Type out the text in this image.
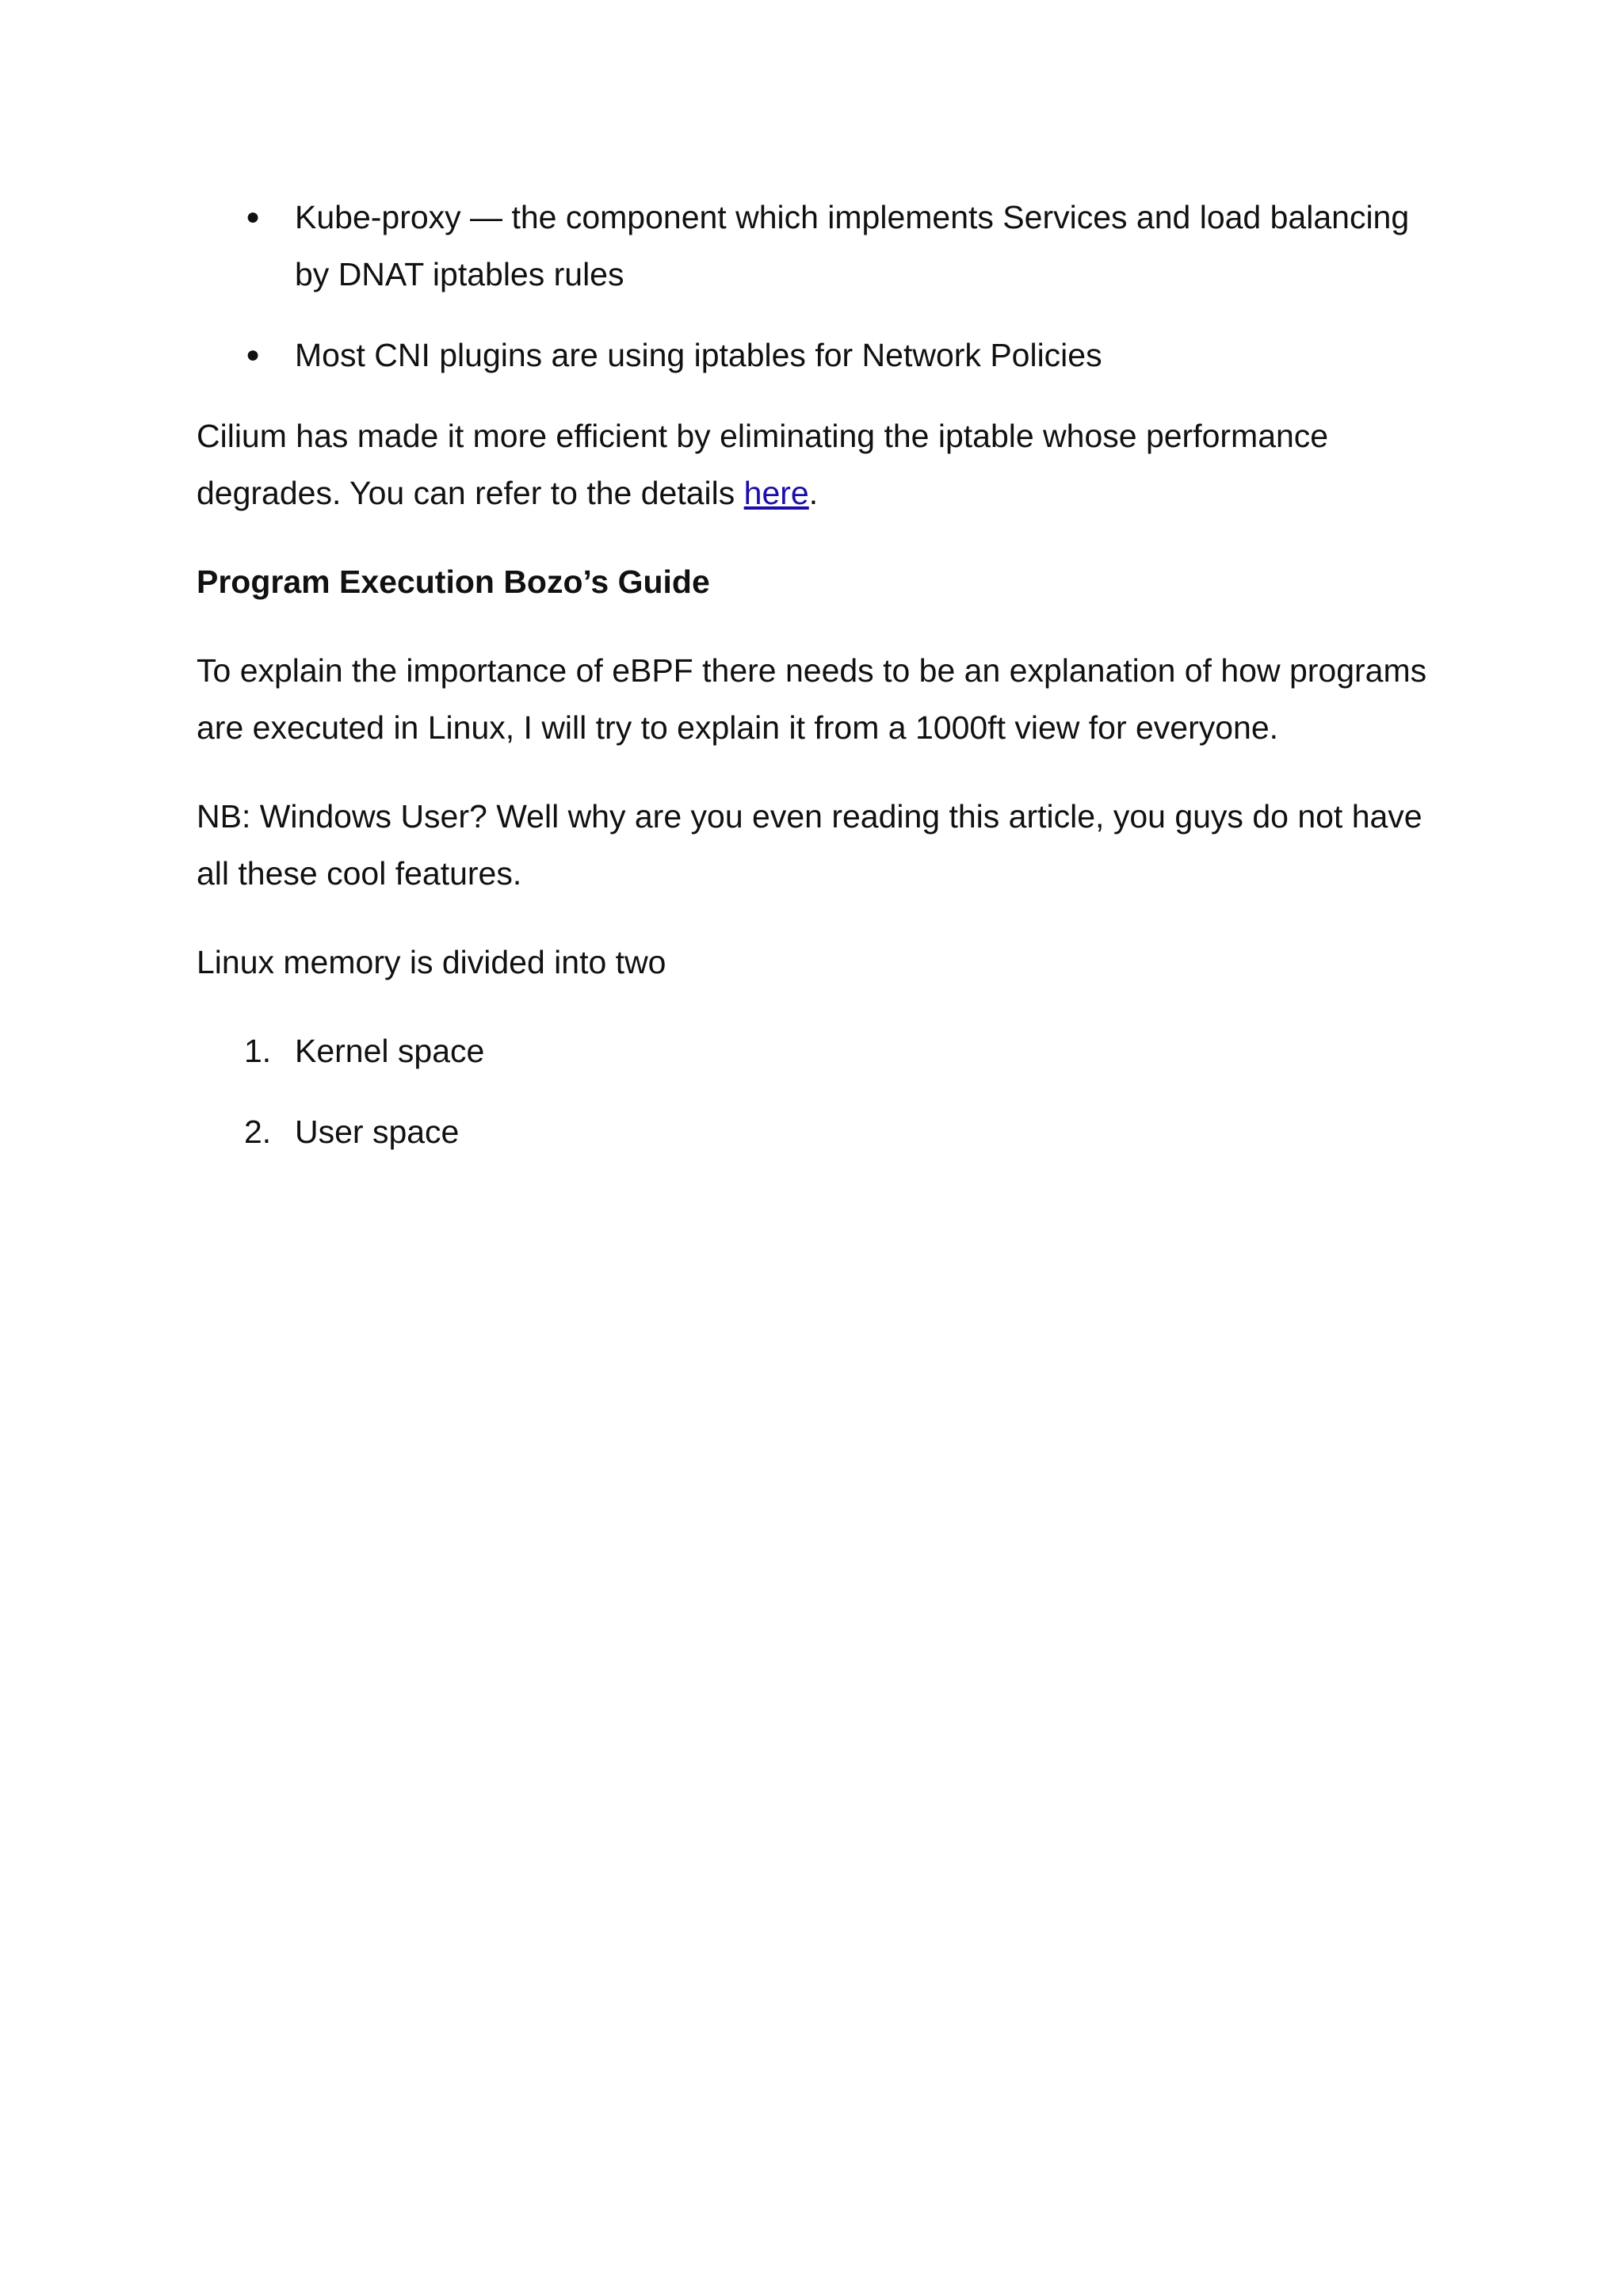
● Kube-proxy — the component which implements Services and load balancing by DNAT iptables rules
● Most CNI plugins are using iptables for Network Policies

Cilium has made it more efficient by eliminating the iptable whose performance degrades. You can refer to the details here.

Program Execution Bozo’s Guide

To explain the importance of eBPF there needs to be an explanation of how programs are executed in Linux, I will try to explain it from a 1000ft view for everyone.

NB: Windows User? Well why are you even reading this article, you guys do not have all these cool features.

Linux memory is divided into two

1. Kernel space
2. User space
